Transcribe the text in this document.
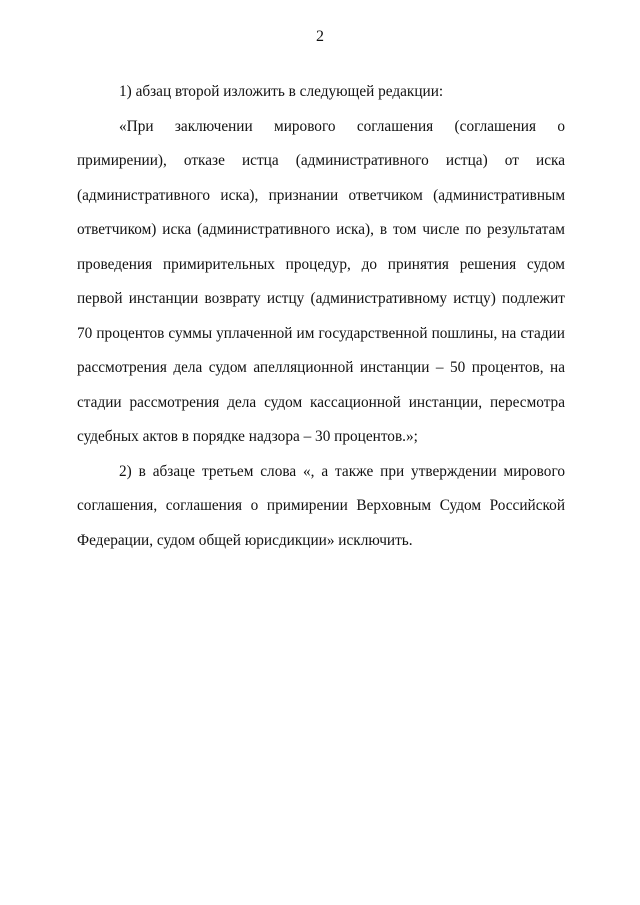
2

1) абзац второй изложить в следующей редакции:

«При заключении мирового соглашения (соглашения о примирении), отказе истца (административного истца) от иска (административного иска), признании ответчиком (административным ответчиком) иска (административного иска), в том числе по результатам проведения примирительных процедур, до принятия решения судом первой инстанции возврату истцу (административному истцу) подлежит 70 процентов суммы уплаченной им государственной пошлины, на стадии рассмотрения дела судом апелляционной инстанции – 50 процентов, на стадии рассмотрения дела судом кассационной инстанции, пересмотра судебных актов в порядке надзора – 30 процентов.»;

2) в абзаце третьем слова «, а также при утверждении мирового соглашения, соглашения о примирении Верховным Судом Российской Федерации, судом общей юрисдикции» исключить.
